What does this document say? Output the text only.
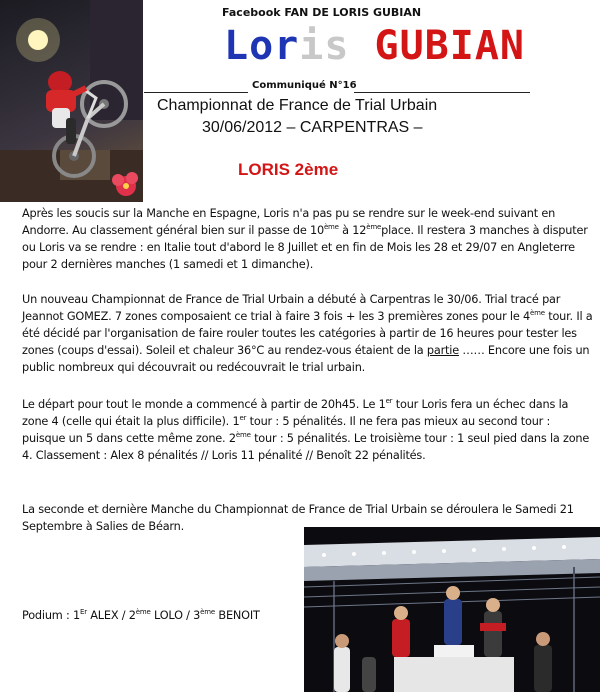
Facebook FAN DE LORIS GUBIAN
Loris GUBIAN
Communiqué N°16
Championnat de France de Trial Urbain
30/06/2012 – CARPENTRAS –
LORIS 2ème
Après les soucis sur la Manche en Espagne, Loris n'a pas pu se rendre sur le week-end suivant en Andorre. Au classement général bien sur il passe de 10ème à 12èmeplace. Il restera 3 manches à disputer ou Loris va se rendre : en Italie tout d'abord le 8 Juillet et en fin de Mois les 28 et 29/07 en Angleterre pour 2 dernières manches (1 samedi et 1 dimanche).
Un nouveau Championnat de France de Trial Urbain a débuté à Carpentras le 30/06. Trial tracé par Jeannot GOMEZ. 7 zones composaient ce trial à faire 3 fois + les 3 premières zones pour le 4ème tour. Il a été décidé par l'organisation de faire rouler toutes les catégories à partir de 16 heures pour tester les zones (coups d'essai). Soleil et chaleur 36°C au rendez-vous étaient de la partie …… Encore une fois un public nombreux qui découvrait ou redécouvrait le trial urbain.
Le départ pour tout le monde a commencé à partir de 20h45. Le 1er tour Loris fera un échec dans la zone 4 (celle qui était la plus difficile). 1er tour : 5 pénalités. Il ne fera pas mieux au second tour : puisque un 5 dans cette même zone. 2ème tour : 5 pénalités. Le troisième tour : 1 seul pied dans la zone 4. Classement : Alex 8 pénalités // Loris 11 pénalité // Benoît 22 pénalités.
La seconde et dernière Manche du Championnat de France de Trial Urbain se déroulera le Samedi 21 Septembre à Salies de Béarn.
Podium : 1Er ALEX / 2ème LOLO / 3ème BENOIT
